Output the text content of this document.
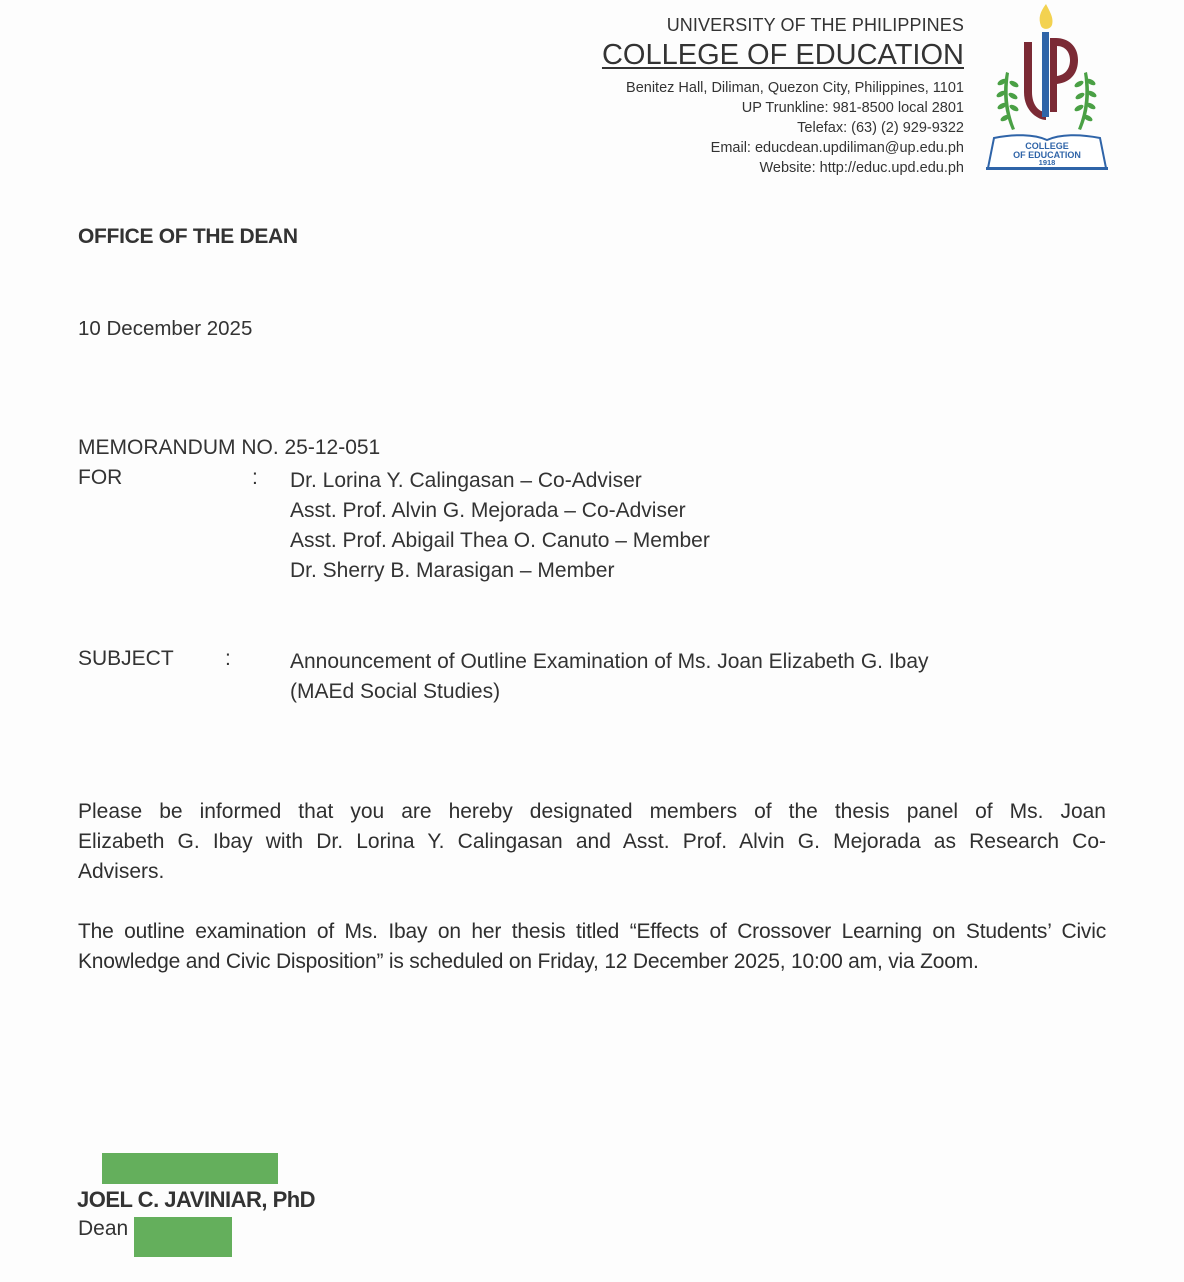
UNIVERSITY OF THE PHILIPPINES
COLLEGE OF EDUCATION
Benitez Hall, Diliman, Quezon City, Philippines, 1101
UP Trunkline: 981-8500 local 2801
Telefax: (63) (2) 929-9322
Email: educdean.updiliman@up.edu.ph
Website: http://educ.upd.edu.ph
COLLEGE
OF EDUCATION
1918
OFFICE OF THE DEAN
10 December 2025
MEMORANDUM NO. 25-12-051
FOR	: Dr. Lorina Y. Calingasan – Co-Adviser
Asst. Prof. Alvin G. Mejorada – Co-Adviser
Asst. Prof. Abigail Thea O. Canuto – Member
Dr. Sherry B. Marasigan – Member
SUBJECT :	Announcement of Outline Examination of Ms. Joan Elizabeth G. Ibay
(MAEd Social Studies)
Please be informed that you are hereby designated members of the thesis panel of Ms. Joan Elizabeth G. Ibay with Dr. Lorina Y. Calingasan and Asst. Prof. Alvin G. Mejorada as Research Co-Advisers.
The outline examination of Ms. Ibay on her thesis titled “Effects of Crossover Learning on Students’ Civic Knowledge and Civic Disposition” is scheduled on Friday, 12 December 2025, 10:00 am, via Zoom.
JOEL C. JAVINIAR, PhD
Dean
